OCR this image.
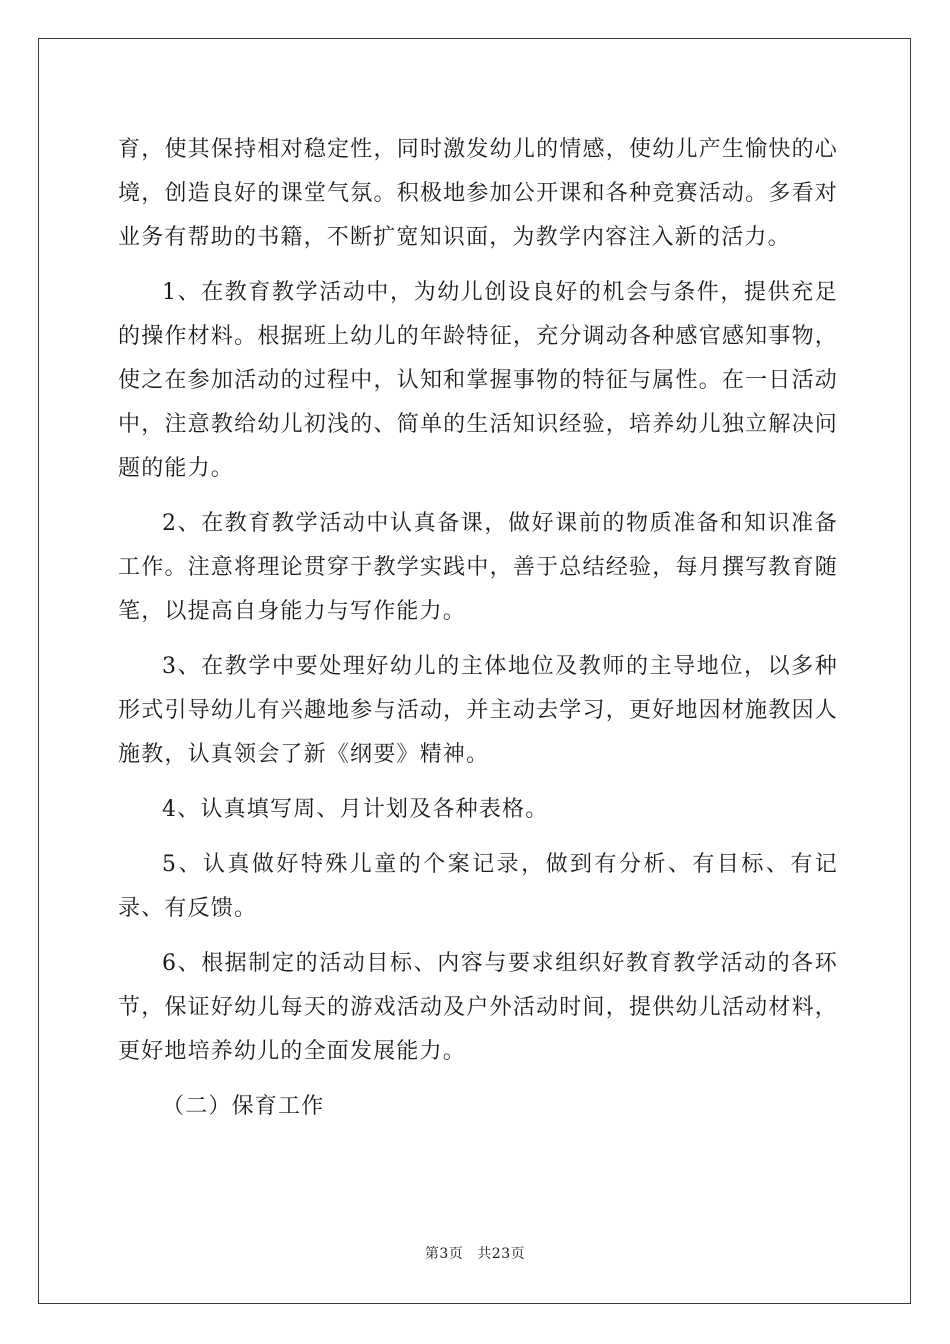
育，使其保持相对稳定性，同时激发幼儿的情感，使幼儿产生愉快的心境，创造良好的课堂气氛。积极地参加公开课和各种竞赛活动。多看对业务有帮助的书籍，不断扩宽知识面，为教学内容注入新的活力。

1、在教育教学活动中，为幼儿创设良好的机会与条件，提供充足的操作材料。根据班上幼儿的年龄特征，充分调动各种感官感知事物，使之在参加活动的过程中，认知和掌握事物的特征与属性。在一日活动中，注意教给幼儿初浅的、简单的生活知识经验，培养幼儿独立解决问题的能力。

2、在教育教学活动中认真备课，做好课前的物质准备和知识准备工作。注意将理论贯穿于教学实践中，善于总结经验，每月撰写教育随笔，以提高自身能力与写作能力。

3、在教学中要处理好幼儿的主体地位及教师的主导地位，以多种形式引导幼儿有兴趣地参与活动，并主动去学习，更好地因材施教因人施教，认真领会了新《纲要》精神。

4、认真填写周、月计划及各种表格。

5、认真做好特殊儿童的个案记录，做到有分析、有目标、有记录、有反馈。

6、根据制定的活动目标、内容与要求组织好教育教学活动的各环节，保证好幼儿每天的游戏活动及户外活动时间，提供幼儿活动材料，更好地培养幼儿的全面发展能力。

（二）保育工作

第3页 共23页
